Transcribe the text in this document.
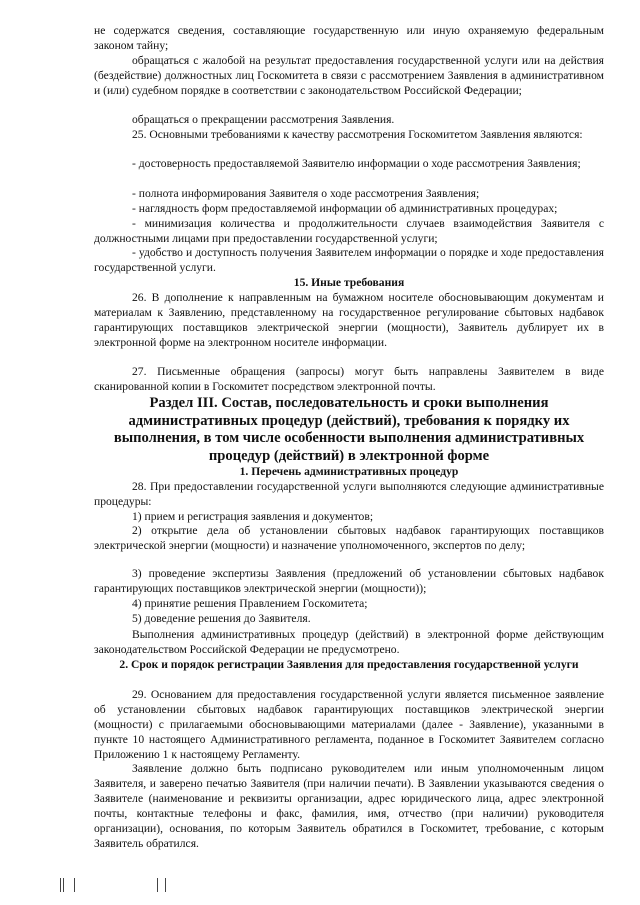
не содержатся сведения, составляющие государственную или иную охраняемую федеральным законом тайну;

обращаться с жалобой на результат предоставления государственной услуги или на действия (бездействие) должностных лиц Госкомитета в связи с рассмотрением Заявления в административном и (или) судебном порядке в соответствии с законодательством Российской Федерации;

обращаться о прекращении рассмотрения Заявления.

25. Основными требованиями к качеству рассмотрения Госкомитетом Заявления являются:

- достоверность предоставляемой Заявителю информации о ходе рассмотрения Заявления;

- полнота информирования Заявителя о ходе рассмотрения Заявления;

- наглядность форм предоставляемой информации об административных процедурах;

- минимизация количества и продолжительности случаев взаимодействия Заявителя с должностными лицами при предоставлении государственной услуги;

- удобство и доступность получения Заявителем информации о порядке и ходе предоставления государственной услуги.

15. Иные требования

26. В дополнение к направленным на бумажном носителе обосновывающим документам и материалам к Заявлению, представленному на государственное регулирование сбытовых надбавок гарантирующих поставщиков электрической энергии (мощности), Заявитель дублирует их в электронной форме на электронном носителе информации.

27. Письменные обращения (запросы) могут быть направлены Заявителем в виде сканированной копии в Госкомитет посредством электронной почты.

Раздел III. Состав, последовательность и сроки выполнения административных процедур (действий), требования к порядку их выполнения, в том числе особенности выполнения административных процедур (действий) в электронной форме

1. Перечень административных процедур

28. При предоставлении государственной услуги выполняются следующие административные процедуры:

1) прием и регистрация заявления и документов;

2) открытие дела об установлении сбытовых надбавок гарантирующих поставщиков электрической энергии (мощности) и назначение уполномоченного, экспертов по делу;

3) проведение экспертизы Заявления (предложений об установлении сбытовых надбавок гарантирующих поставщиков электрической энергии (мощности));

4) принятие решения Правлением Госкомитета;

5) доведение решения до Заявителя.

Выполнения административных процедур (действий) в электронной форме действующим законодательством Российской Федерации не предусмотрено.

2. Срок и порядок регистрации Заявления для предоставления государственной услуги

29. Основанием для предоставления государственной услуги является письменное заявление об установлении сбытовых надбавок гарантирующих поставщиков электрической энергии (мощности) с прилагаемыми обосновывающими материалами (далее - Заявление), указанными в пункте 10 настоящего Административного регламента, поданное в Госкомитет Заявителем согласно Приложению 1 к настоящему Регламенту.

Заявление должно быть подписано руководителем или иным уполномоченным лицом Заявителя, и заверено печатью Заявителя (при наличии печати). В Заявлении указываются сведения о Заявителе (наименование и реквизиты организации, адрес юридического лица, адрес электронной почты, контактные телефоны и факс, фамилия, имя, отчество (при наличии) руководителя организации), основания, по которым Заявитель обратился в Госкомитет, требование, с которым Заявитель обратился.
